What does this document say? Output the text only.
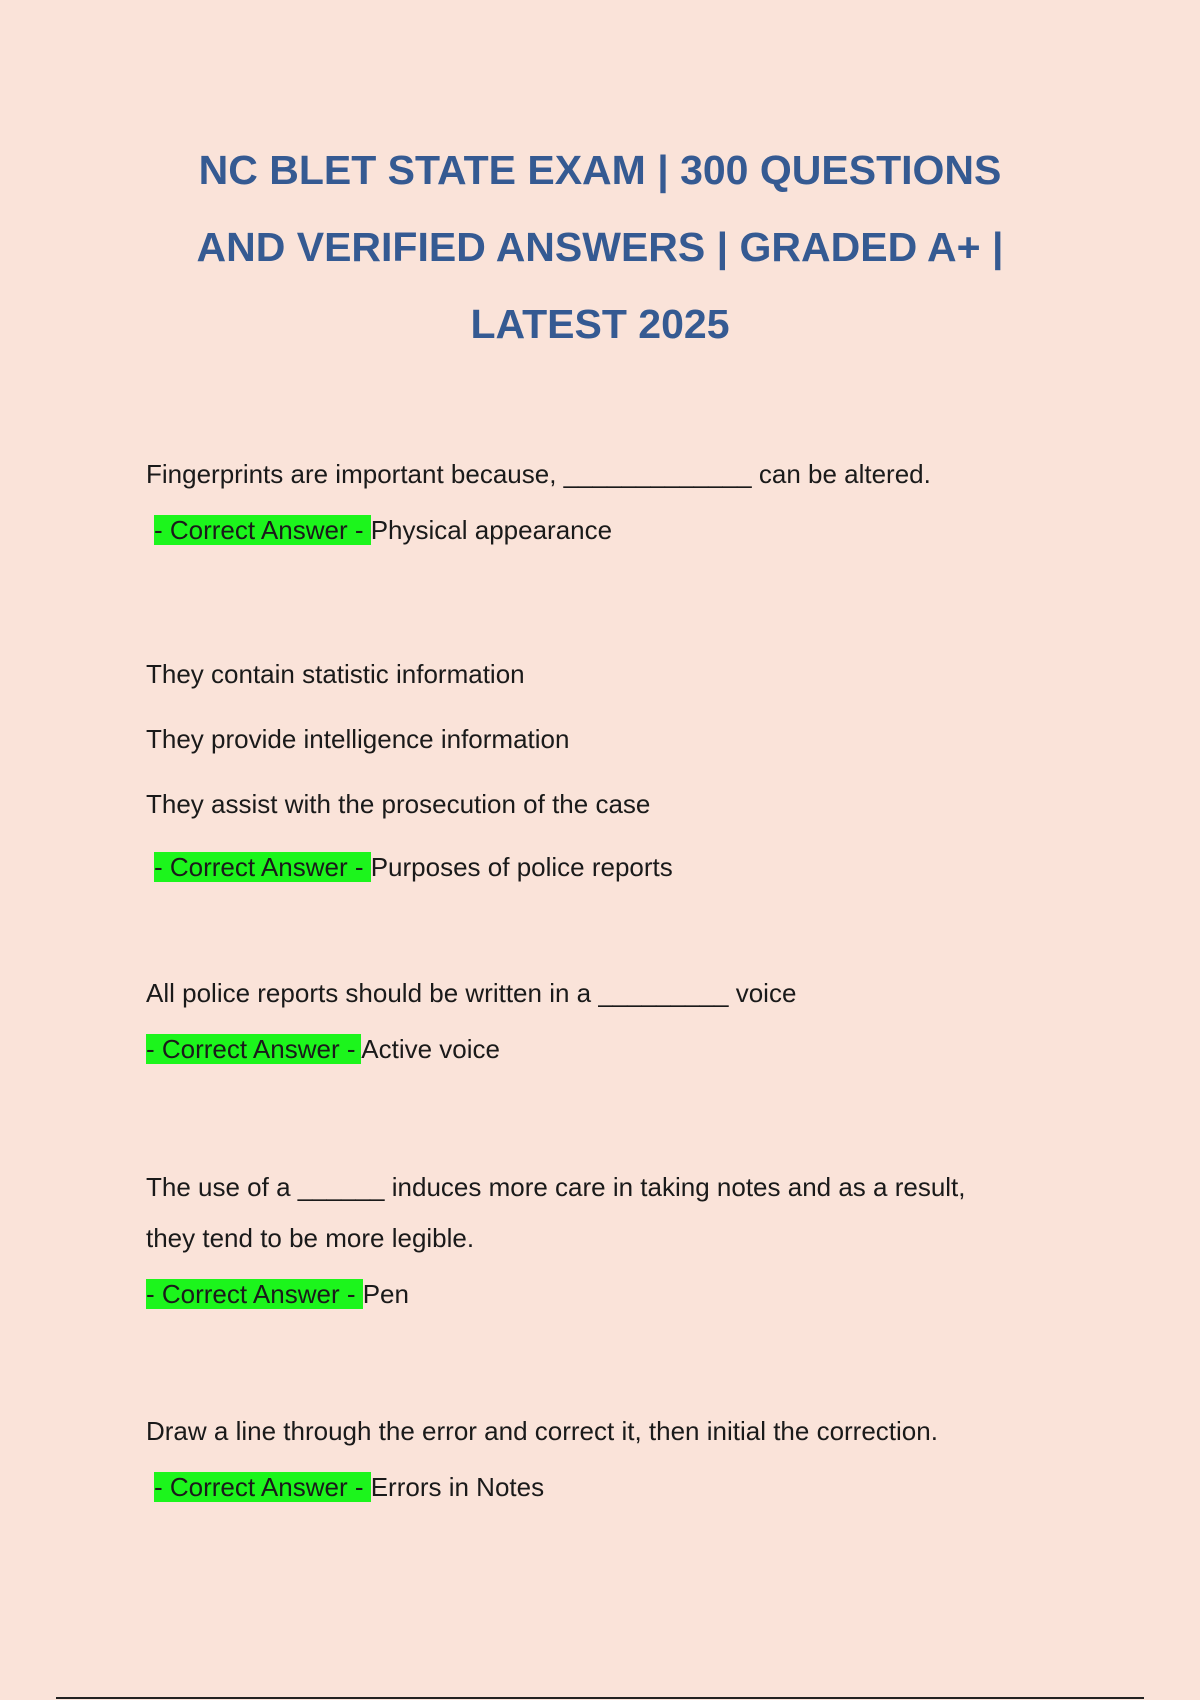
NC BLET STATE EXAM | 300 QUESTIONS
AND VERIFIED ANSWERS | GRADED A+ |
LATEST 2025
Fingerprints are important because, _____________ can be altered.
- Correct Answer - Physical appearance
They contain statistic information
They provide intelligence information
They assist with the prosecution of the case
- Correct Answer - Purposes of police reports
All police reports should be written in a _________ voice
- Correct Answer - Active voice
The use of a ______ induces more care in taking notes and as a result,
they tend to be more legible.
- Correct Answer - Pen
Draw a line through the error and correct it, then initial the correction.
- Correct Answer - Errors in Notes
